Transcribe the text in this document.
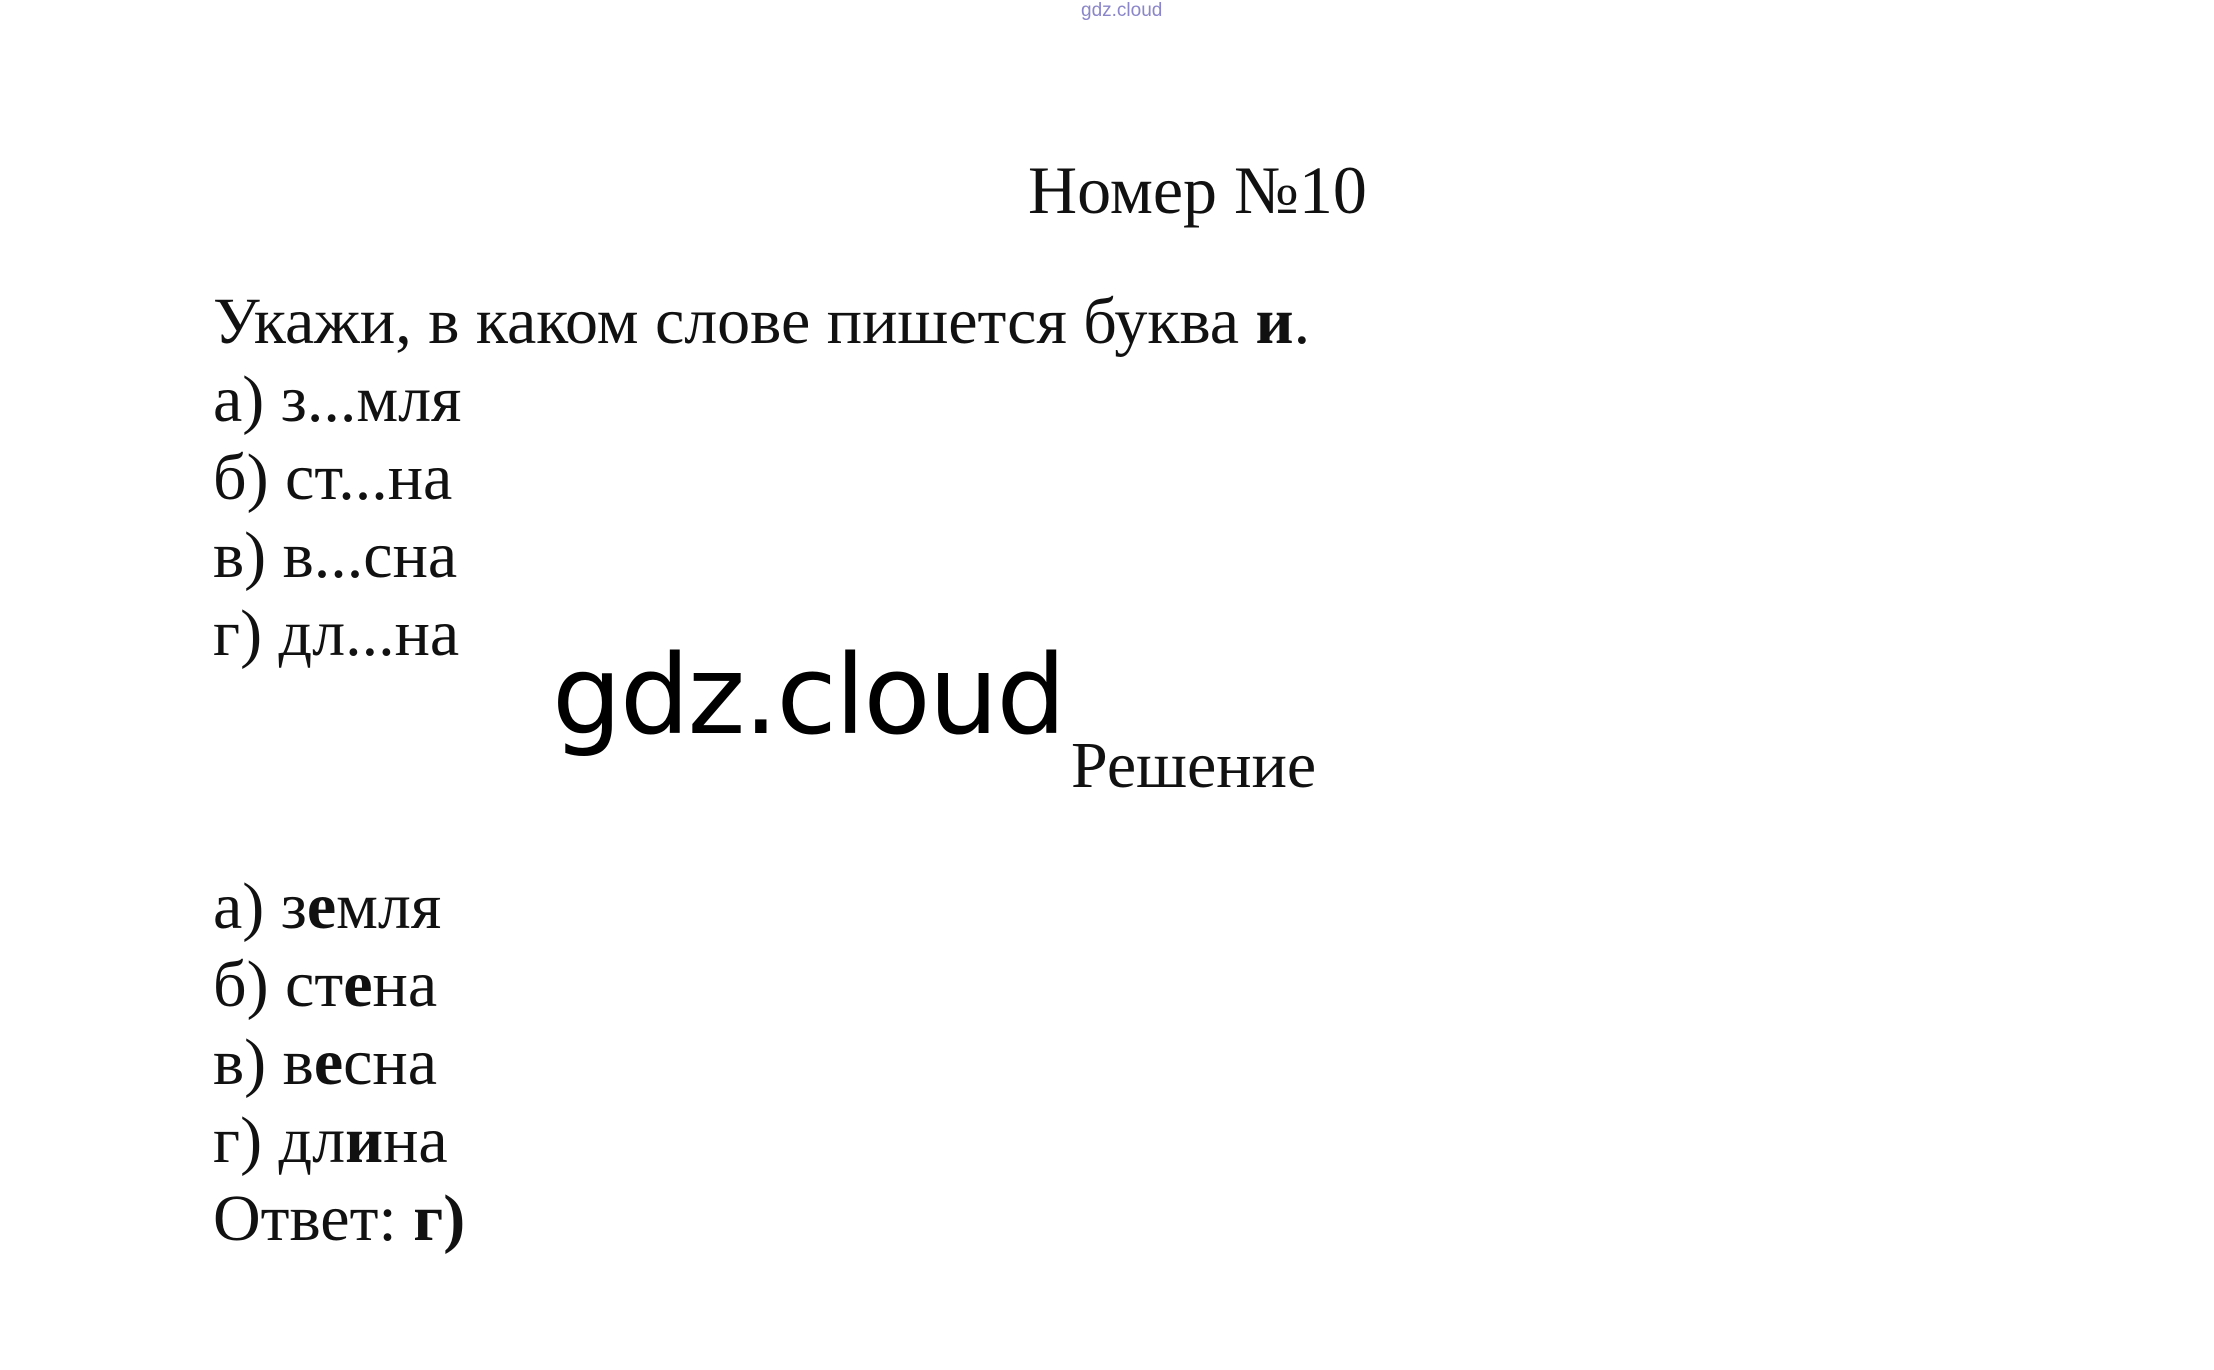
gdz.cloud
Номер №10
Укажи, в каком слове пишется буква и.
а) з...мля
б) ст...на
в) в...сна
г) дл...на gdz.cloud
Решение
а) земля
б) стена
в) весна
г) длина
Ответ: г)
